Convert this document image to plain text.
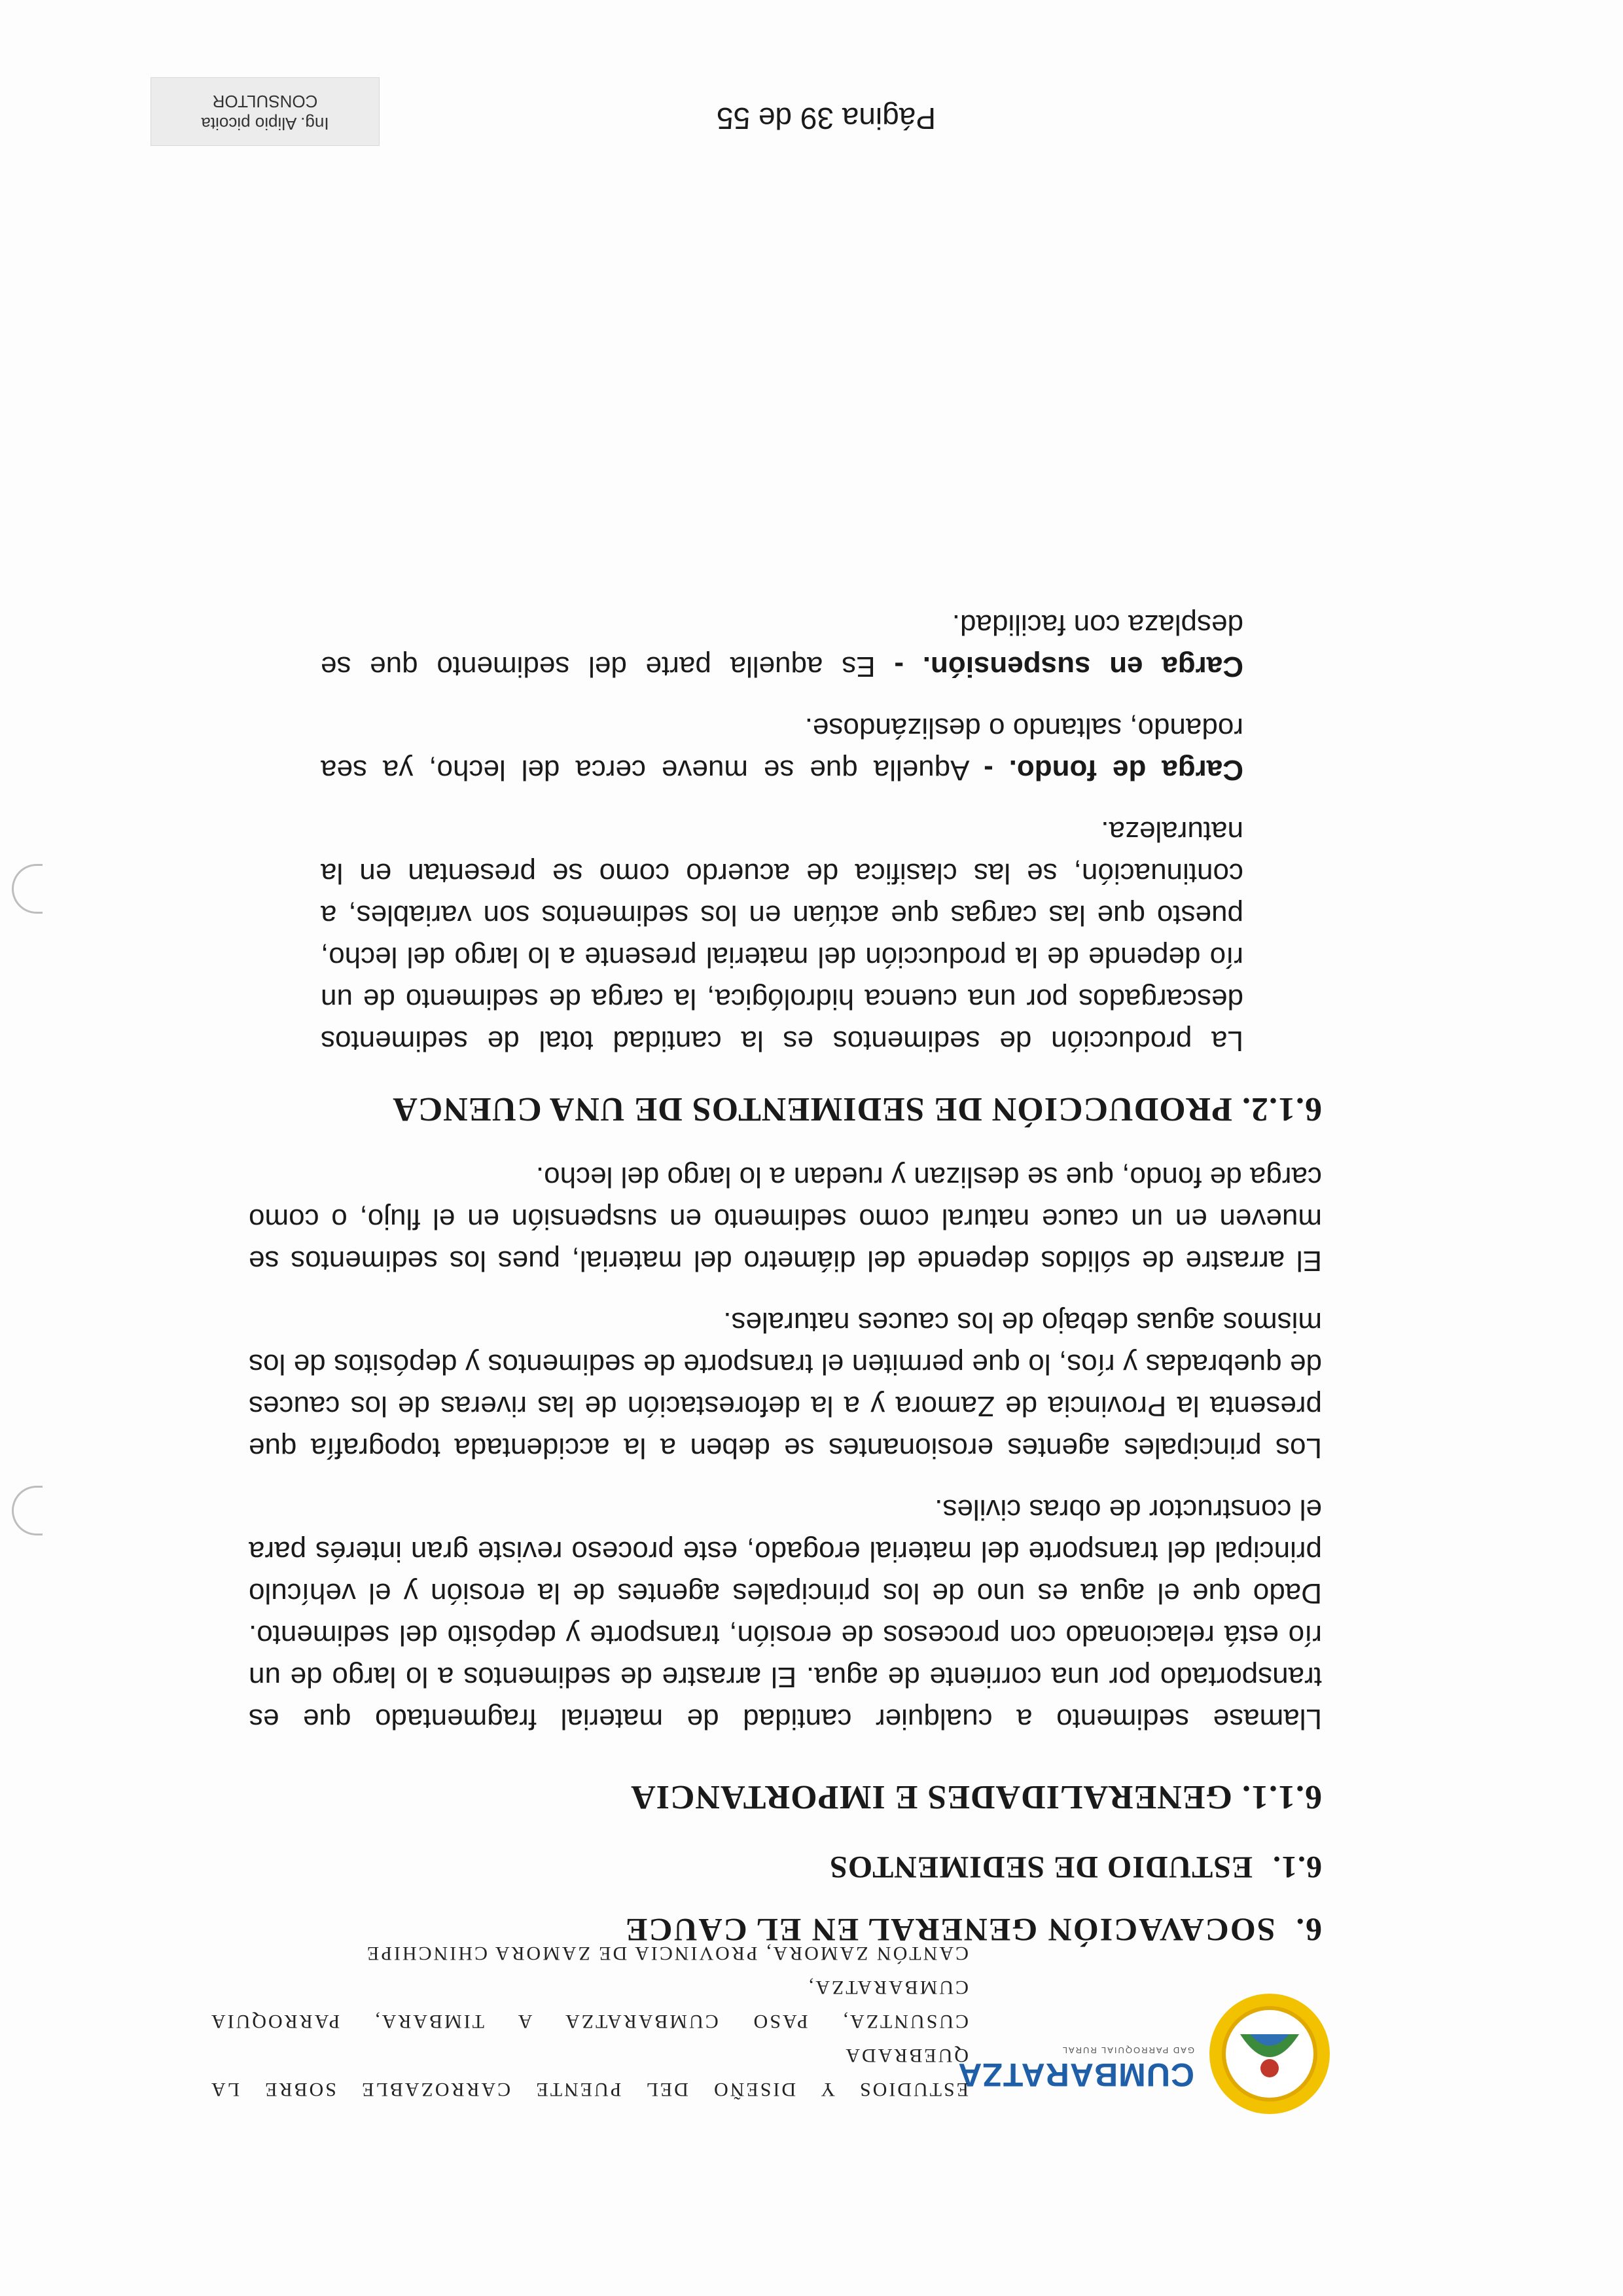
CUMBARATZA
GAD PARROQUIAL RURAL
ESTUDIOS Y DISEÑO DEL PUENTE CARROZABLE SOBRE LA QUEBRADA
CUSUNTZA, PASO CUMBARATZA A TIMBARA, PARROQUIA CUMBARATZA,
CANTÓN ZAMORA, PROVINCIA DE ZAMORA CHINCHIPE
6.SOCAVACIÓN GENERAL EN EL CAUCE
6.1.ESTUDIO DE SEDIMENTOS
6.1.1. GENERALIDADES E IMPORTANCIA

Llamase sedimento a cualquier cantidad de material fragmentado que es transportado por una corriente de agua. El arrastre de sedimentos a lo largo de un río está relacionado con procesos de erosión, transporte y depósito del sedimento. Dado que el agua es uno de los principales agentes de la erosión y el vehículo principal del transporte del material erogado, este proceso reviste gran interés para el constructor de obras civiles.

Los principales agentes erosionantes se deben a la accidentada topografía que presenta la Provincia de Zamora y a la deforestación de las riveras de los cauces de quebradas y ríos, lo que permiten el transporte de sedimentos y depósitos de los mismos aguas debajo de los cauces naturales.

El arrastre de sólidos depende del diámetro del material, pues los sedimentos se mueven en un cauce natural como sedimento en suspensión en el flujo, o como carga de fondo, que se deslizan y ruedan a lo largo del lecho.

6.1.2. PRODUCCIÓN DE SEDIMENTOS DE UNA CUENCA

La producción de sedimentos es la cantidad total de sedimentos descargados por una cuenca hidrológica, la carga de sedimento de un río depende de la producción del material presente a lo largo del lecho, puesto que las cargas que actúan en los sedimentos son variables, a continuación, se las clasifica de acuerdo como se presentan en la naturaleza.

Carga de fondo. - Aquella que se mueve cerca del lecho, ya sea rodando, saltando o deslizándose.

Carga en suspensión. - Es aquella parte del sedimento que se desplaza con facilidad.

Página 39 de 55
Ing. Alipio picoita
CONSULTOR
